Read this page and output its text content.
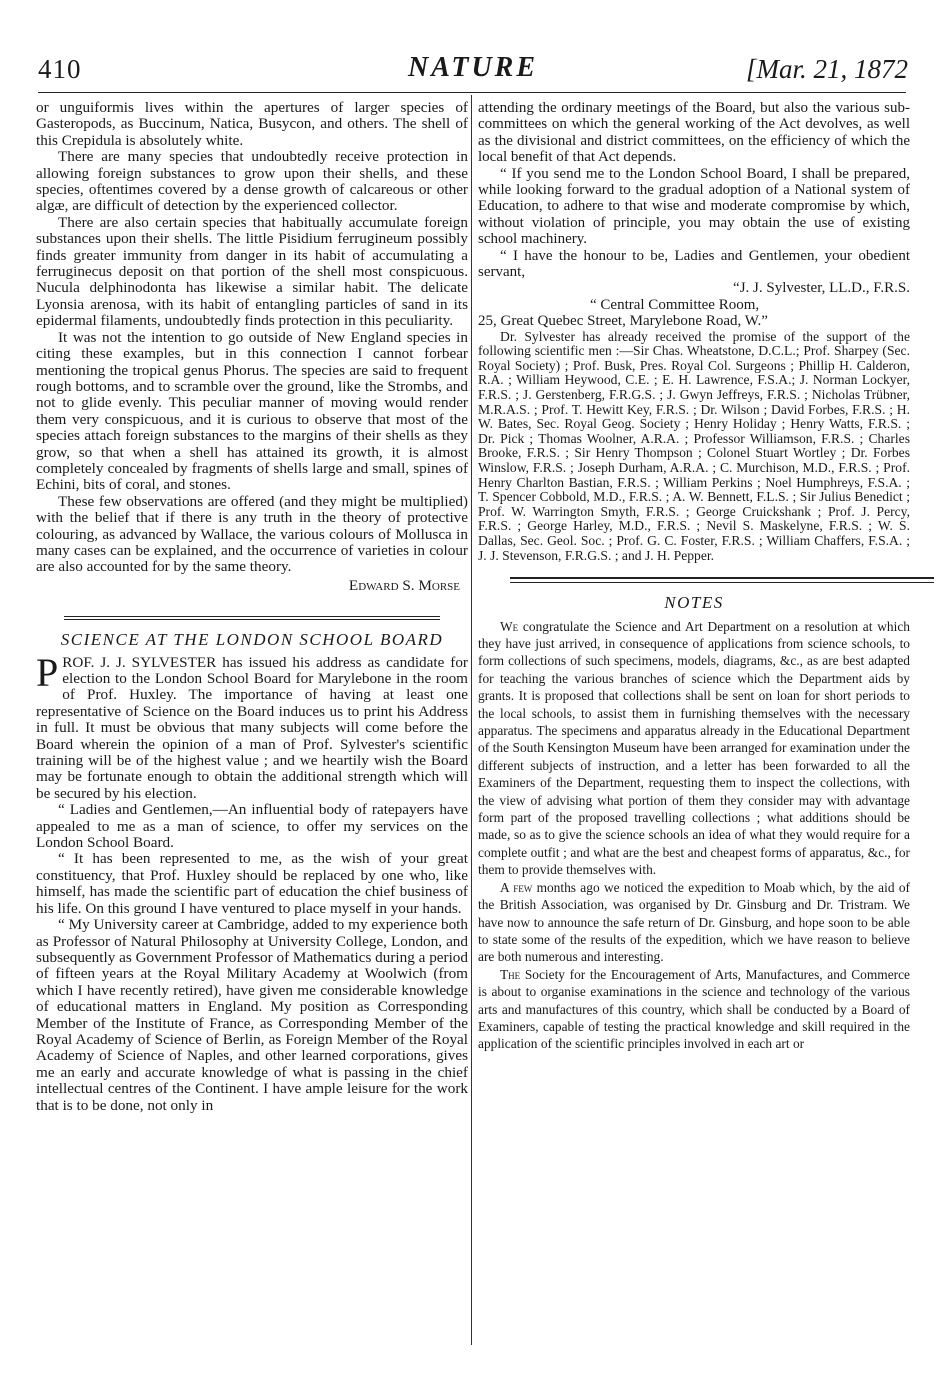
410	NATURE	[Mar. 21, 1872

or unguiformis lives within the apertures of larger species of Gasteropods, as Buccinum, Natica, Busycon, and others. The shell of this Crepidula is absolutely white.

There are many species that undoubtedly receive protection in allowing foreign substances to grow upon their shells, and these species, oftentimes covered by a dense growth of calcareous or other algæ, are difficult of detection by the experienced collector.

There are also certain species that habitually accumulate foreign substances upon their shells. The little Pisidium ferrugineum possibly finds greater immunity from danger in its habit of accumulating a ferruginecus deposit on that portion of the shell most conspicuous. Nucula delphinodonta has likewise a similar habit. The delicate Lyonsia arenosa, with its habit of entangling particles of sand in its epidermal filaments, undoubtedly finds protection in this peculiarity.

It was not the intention to go outside of New England species in citing these examples, but in this connection I cannot forbear mentioning the tropical genus Phorus. The species are said to frequent rough bottoms, and to scramble over the ground, like the Strombs, and not to glide evenly. This peculiar manner of moving would render them very conspicuous, and it is curious to observe that most of the species attach foreign substances to the margins of their shells as they grow, so that when a shell has attained its growth, it is almost completely concealed by fragments of shells large and small, spines of Echini, bits of coral, and stones.

These few observations are offered (and they might be multiplied) with the belief that if there is any truth in the theory of protective colouring, as advanced by Wallace, the various colours of Mollusca in many cases can be explained, and the occurrence of varieties in colour are also accounted for by the same theory.

Edward S. Morse
SCIENCE AT THE LONDON SCHOOL BOARD

PROF. J. J. SYLVESTER has issued his address as candidate for election to the London School Board for Marylebone in the room of Prof. Huxley. The importance of having at least one representative of Science on the Board induces us to print his Address in full. It must be obvious that many subjects will come before the Board wherein the opinion of a man of Prof. Sylvester's scientific training will be of the highest value ; and we heartily wish the Board may be fortunate enough to obtain the additional strength which will be secured by his election.

“ Ladies and Gentlemen,—An influential body of ratepayers have appealed to me as a man of science, to offer my services on the London School Board.

“ It has been represented to me, as the wish of your great constituency, that Prof. Huxley should be replaced by one who, like himself, has made the scientific part of education the chief business of his life. On this ground I have ventured to place myself in your hands.

“ My University career at Cambridge, added to my experience both as Professor of Natural Philosophy at University College, London, and subsequently as Government Professor of Mathematics during a period of fifteen years at the Royal Military Academy at Woolwich (from which I have recently retired), have given me considerable knowledge of educational matters in England. My position as Corresponding Member of the Institute of France, as Corresponding Member of the Royal Academy of Science of Berlin, as Foreign Member of the Royal Academy of Science of Naples, and other learned corporations, gives me an early and accurate knowledge of what is passing in the chief intellectual centres of the Continent. I have ample leisure for the work that is to be done, not only in

attending the ordinary meetings of the Board, but also the various sub-committees on which the general working of the Act devolves, as well as the divisional and district committees, on the efficiency of which the local benefit of that Act depends.

“ If you send me to the London School Board, I shall be prepared, while looking forward to the gradual adoption of a National system of Education, to adhere to that wise and moderate compromise by which, without violation of principle, you may obtain the use of existing school machinery.

“ I have the honour to be, Ladies and Gentlemen, your obedient servant,

“J. J. Sylvester, LL.D., F.R.S.

“ Central Committee Room,

25, Great Quebec Street, Marylebone Road, W.”

Dr. Sylvester has already received the promise of the support of the following scientific men :—Sir Chas. Wheatstone, D.C.L.; Prof. Sharpey (Sec. Royal Society) ; Prof. Busk, Pres. Royal Col. Surgeons ; Phillip H. Calderon, R.A. ; William Heywood, C.E. ; E. H. Lawrence, F.S.A.; J. Norman Lockyer, F.R.S. ; J. Gerstenberg, F.R.G.S. ; J. Gwyn Jeffreys, F.R.S. ; Nicholas Trübner, M.R.A.S. ; Prof. T. Hewitt Key, F.R.S. ; Dr. Wilson ; David Forbes, F.R.S. ; H. W. Bates, Sec. Royal Geog. Society ; Henry Holiday ; Henry Watts, F.R.S. ; Dr. Pick ; Thomas Woolner, A.R.A. ; Professor Williamson, F.R.S. ; Charles Brooke, F.R.S. ; Sir Henry Thompson ; Colonel Stuart Wortley ; Dr. Forbes Winslow, F.R.S. ; Joseph Durham, A.R.A. ; C. Murchison, M.D., F.R.S. ; Prof. Henry Charlton Bastian, F.R.S. ; William Perkins ; Noel Humphreys, F.S.A. ; T. Spencer Cobbold, M.D., F.R.S. ; A. W. Bennett, F.L.S. ; Sir Julius Benedict ; Prof. W. Warrington Smyth, F.R.S. ; George Cruickshank ; Prof. J. Percy, F.R.S. ; George Harley, M.D., F.R.S. ; Nevil S. Maskelyne, F.R.S. ; W. S. Dallas, Sec. Geol. Soc. ; Prof. G. C. Foster, F.R.S. ; William Chaffers, F.S.A. ; J. J. Stevenson, F.R.G.S. ; and J. H. Pepper.

NOTES

We congratulate the Science and Art Department on a resolution at which they have just arrived, in consequence of applications from science schools, to form collections of such specimens, models, diagrams, &c., as are best adapted for teaching the various branches of science which the Department aids by grants. It is proposed that collections shall be sent on loan for short periods to the local schools, to assist them in furnishing themselves with the necessary apparatus. The specimens and apparatus already in the Educational Department of the South Kensington Museum have been arranged for examination under the different subjects of instruction, and a letter has been forwarded to all the Examiners of the Department, requesting them to inspect the collections, with the view of advising what portion of them they consider may with advantage form part of the proposed travelling collections ; what additions should be made, so as to give the science schools an idea of what they would require for a complete outfit ; and what are the best and cheapest forms of apparatus, &c., for them to provide themselves with.

A few months ago we noticed the expedition to Moab which, by the aid of the British Association, was organised by Dr. Ginsburg and Dr. Tristram. We have now to announce the safe return of Dr. Ginsburg, and hope soon to be able to state some of the results of the expedition, which we have reason to believe are both numerous and interesting.

The Society for the Encouragement of Arts, Manufactures, and Commerce is about to organise examinations in the science and technology of the various arts and manufactures of this country, which shall be conducted by a Board of Examiners, capable of testing the practical knowledge and skill required in the application of the scientific principles involved in each art or
